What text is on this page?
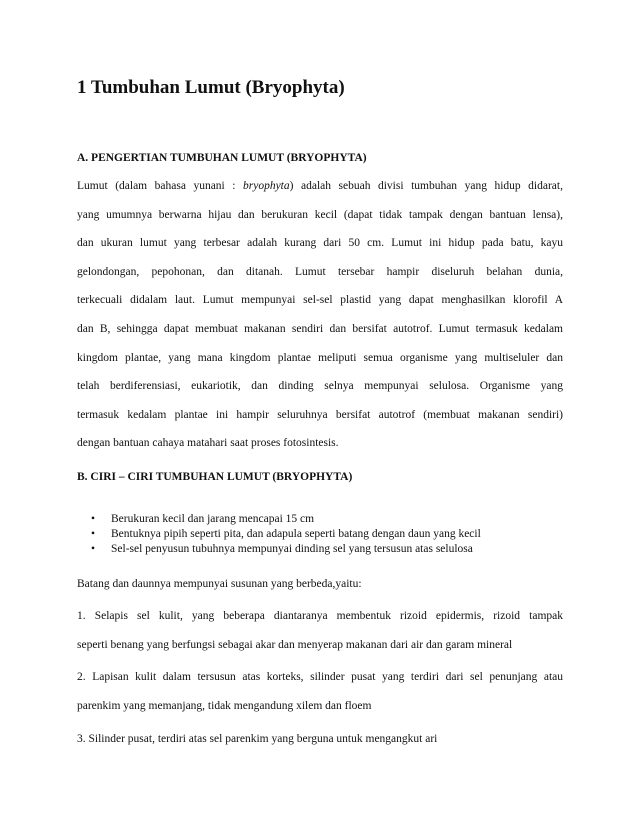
1 Tumbuhan Lumut (Bryophyta)
A. PENGERTIAN TUMBUHAN LUMUT (BRYOPHYTA)
Lumut (dalam bahasa yunani : bryophyta) adalah sebuah divisi tumbuhan yang hidup didarat,
yang umumnya berwarna hijau dan berukuran kecil (dapat tidak tampak dengan bantuan lensa),
dan ukuran lumut yang terbesar adalah kurang dari 50 cm. Lumut ini hidup pada batu, kayu
gelondongan, pepohonan, dan ditanah. Lumut tersebar hampir diseluruh belahan dunia,
terkecuali didalam laut. Lumut mempunyai sel-sel plastid yang dapat menghasilkan klorofil A
dan B, sehingga dapat membuat makanan sendiri dan bersifat autotrof. Lumut termasuk kedalam
kingdom plantae, yang mana kingdom plantae meliputi semua organisme yang multiseluler dan
telah berdiferensiasi, eukariotik, dan dinding selnya mempunyai selulosa. Organisme yang
termasuk kedalam plantae ini hampir seluruhnya bersifat autotrof (membuat makanan sendiri)
dengan bantuan cahaya matahari saat proses fotosintesis.
B. CIRI – CIRI TUMBUHAN LUMUT (BRYOPHYTA)
• Berukuran kecil dan jarang mencapai 15 cm
• Bentuknya pipih seperti pita, dan adapula seperti batang dengan daun yang kecil
• Sel-sel penyusun tubuhnya mempunyai dinding sel yang tersusun atas selulosa

Batang dan daunnya mempunyai susunan yang berbeda,yaitu:

1. Selapis sel kulit, yang beberapa diantaranya membentuk rizoid epidermis, rizoid tampak
seperti benang yang berfungsi sebagai akar dan menyerap makanan dari air dan garam mineral
2. Lapisan kulit dalam tersusun atas korteks, silinder pusat yang terdiri dari sel penunjang atau
parenkim yang memanjang, tidak mengandung xilem dan floem

3. Silinder pusat, terdiri atas sel parenkim yang berguna untuk mengangkut ari
